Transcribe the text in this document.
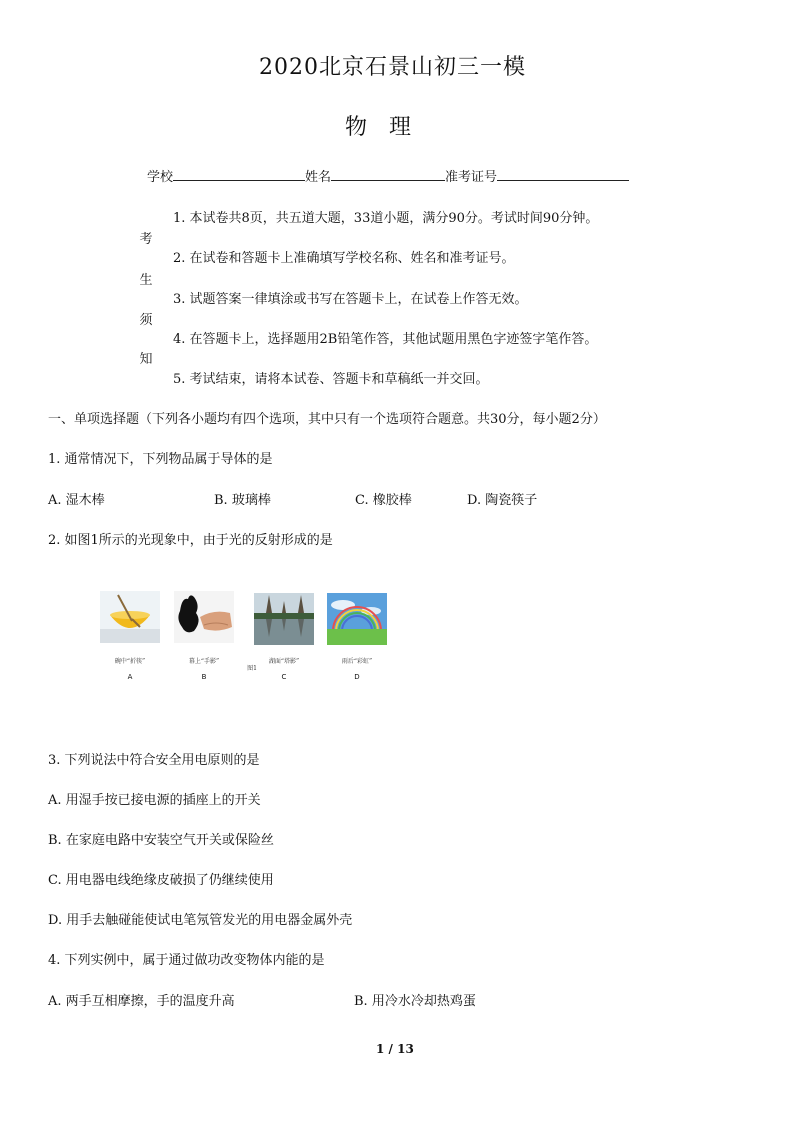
2020北京石景山初三一模
物　理
学校	姓名	准考证号
考
生
须
知
1. 本试卷共8页，共五道大题，33道小题，满分90分。考试时间90分钟。
2. 在试卷和答题卡上准确填写学校名称、姓名和准考证号。
3. 试题答案一律填涂或书写在答题卡上，在试卷上作答无效。
4. 在答题卡上，选择题用2B铅笔作答，其他试题用黑色字迹签字笔作答。
5. 考试结束，请将本试卷、答题卡和草稿纸一并交回。
一、单项选择题（下列各小题均有四个选项，其中只有一个选项符合题意。共30分，每小题2分）
1. 通常情况下，下列物品属于导体的是
A. 湿木棒	B. 玻璃棒	C. 橡胶棒	D. 陶瓷筷子
2. 如图1所示的光现象中，由于光的反射形成的是
碗中“折筷”	幕上“手影”	湖面“塔影”	雨后“彩虹”
图1
A	B	C	D
3. 下列说法中符合安全用电原则的是
A. 用湿手按已接电源的插座上的开关
B. 在家庭电路中安装空气开关或保险丝
C. 用电器电线绝缘皮破损了仍继续使用
D. 用手去触碰能使试电笔氖管发光的用电器金属外壳
4. 下列实例中，属于通过做功改变物体内能的是
A. 两手互相摩擦，手的温度升高	B. 用冷水冷却热鸡蛋
1 / 13
